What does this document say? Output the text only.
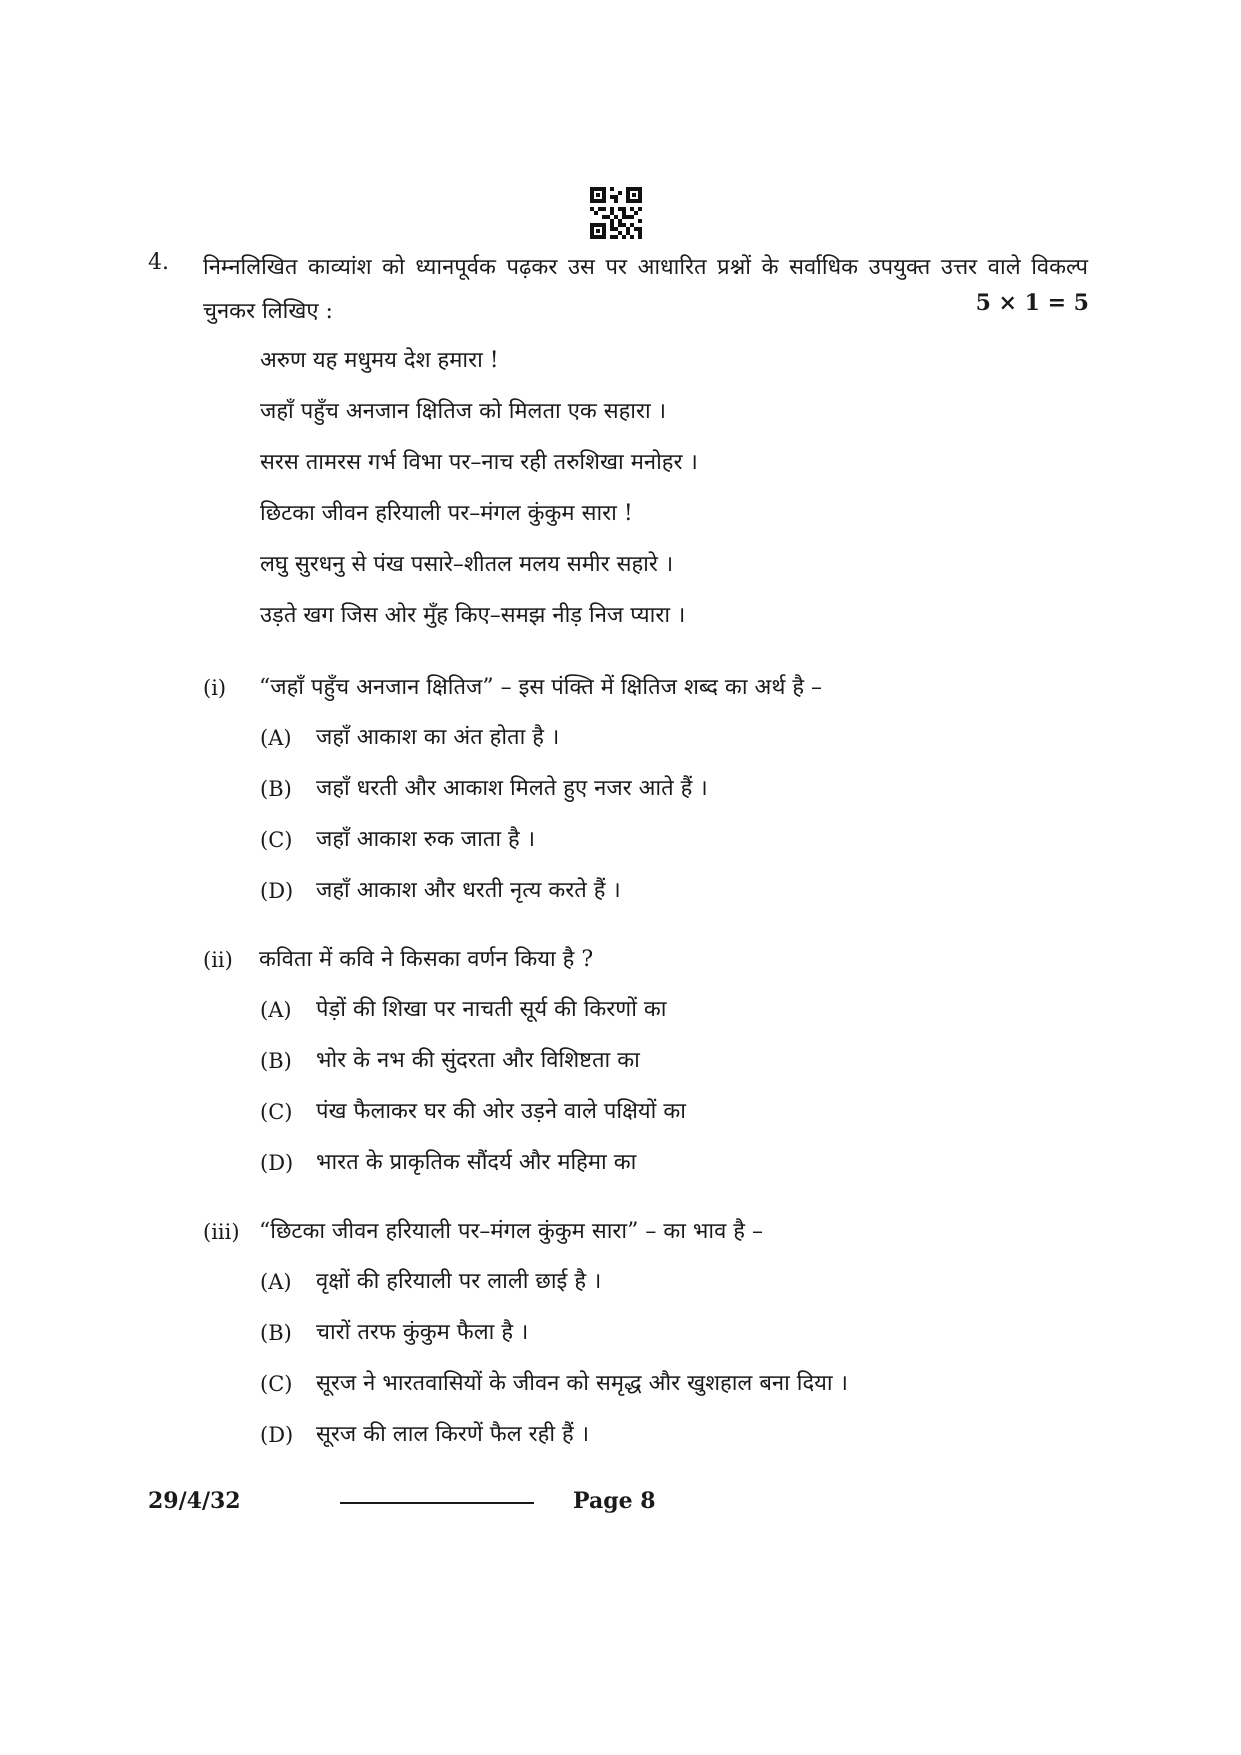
4. निम्नलिखित काव्यांश को ध्यानपूर्वक पढ़कर उस पर आधारित प्रश्नों के सर्वाधिक उपयुक्त उत्तर वाले विकल्प चुनकर लिखिए :	5 × 1 = 5
अरुण यह मधुमय देश हमारा !
जहाँ पहुँच अनजान क्षितिज को मिलता एक सहारा ।
सरस तामरस गर्भ विभा पर–नाच रही तरुशिखा मनोहर ।
छिटका जीवन हरियाली पर–मंगल कुंकुम सारा !
लघु सुरधनु से पंख पसारे–शीतल मलय समीर सहारे ।
उड़ते खग जिस ओर मुँह किए–समझ नीड़ निज प्यारा ।
(i) “जहाँ पहुँच अनजान क्षितिज” – इस पंक्ति में क्षितिज शब्द का अर्थ है –
(A) जहाँ आकाश का अंत होता है ।
(B) जहाँ धरती और आकाश मिलते हुए नजर आते हैं ।
(C) जहाँ आकाश रुक जाता है ।
(D) जहाँ आकाश और धरती नृत्य करते हैं ।
(ii) कविता में कवि ने किसका वर्णन किया है ?
(A) पेड़ों की शिखा पर नाचती सूर्य की किरणों का
(B) भोर के नभ की सुंदरता और विशिष्टता का
(C) पंख फैलाकर घर की ओर उड़ने वाले पक्षियों का
(D) भारत के प्राकृतिक सौंदर्य और महिमा का
(iii) “छिटका जीवन हरियाली पर–मंगल कुंकुम सारा” – का भाव है –
(A) वृक्षों की हरियाली पर लाली छाई है ।
(B) चारों तरफ कुंकुम फैला है ।
(C) सूरज ने भारतवासियों के जीवन को समृद्ध और खुशहाल बना दिया ।
(D) सूरज की लाल किरणें फैल रही हैं ।
29/4/32	Page 8
